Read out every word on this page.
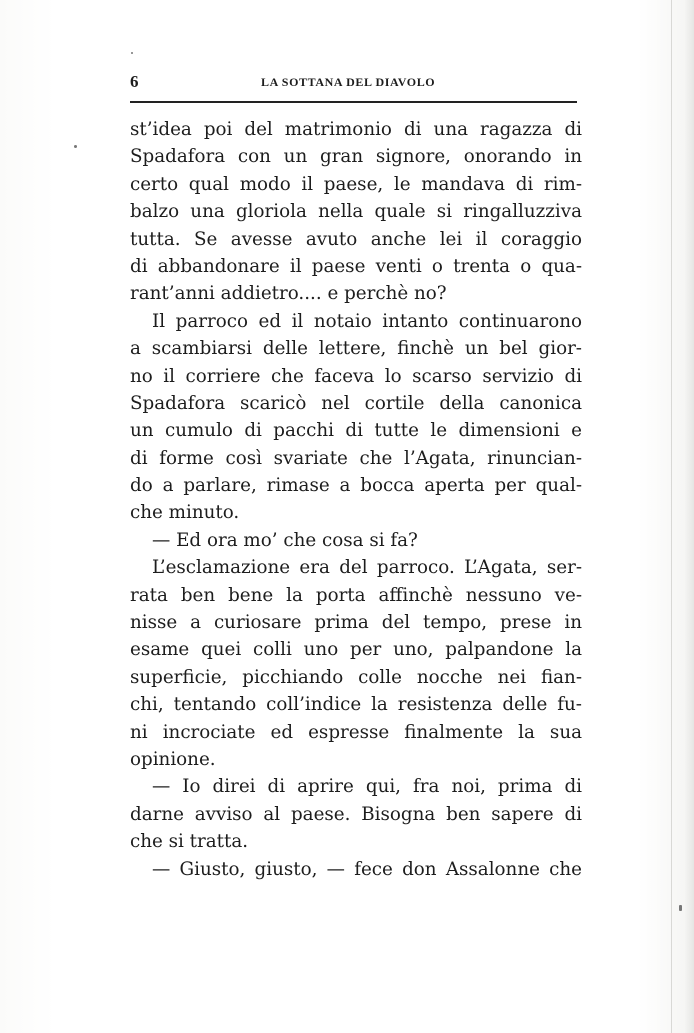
6	LA SOTTANA DEL DIAVOLO
st’idea poi del matrimonio di una ragazza di
Spadafora con un gran signore, onorando in
certo qual modo il paese, le mandava di rim-
balzo una gloriola nella quale si ringalluzziva
tutta. Se avesse avuto anche lei il coraggio
di abbandonare il paese venti o trenta o qua-
rant’anni addietro.... e perchè no?
Il parroco ed il notaio intanto continuarono
a scambiarsi delle lettere, finchè un bel gior-
no il corriere che faceva lo scarso servizio di
Spadafora scaricò nel cortile della canonica
un cumulo di pacchi di tutte le dimensioni e
di forme così svariate che l’Agata, rinuncian-
do a parlare, rimase a bocca aperta per qual-
che minuto.
— Ed ora mo’ che cosa si fa?
L’esclamazione era del parroco. L’Agata, ser-
rata ben bene la porta affinchè nessuno ve-
nisse a curiosare prima del tempo, prese in
esame quei colli uno per uno, palpandone la
superficie, picchiando colle nocche nei fian-
chi, tentando coll’indice la resistenza delle fu-
ni incrociate ed espresse finalmente la sua
opinione.
— Io direi di aprire qui, fra noi, prima di
darne avviso al paese. Bisogna ben sapere di
che si tratta.
— Giusto, giusto, — fece don Assalonne che
